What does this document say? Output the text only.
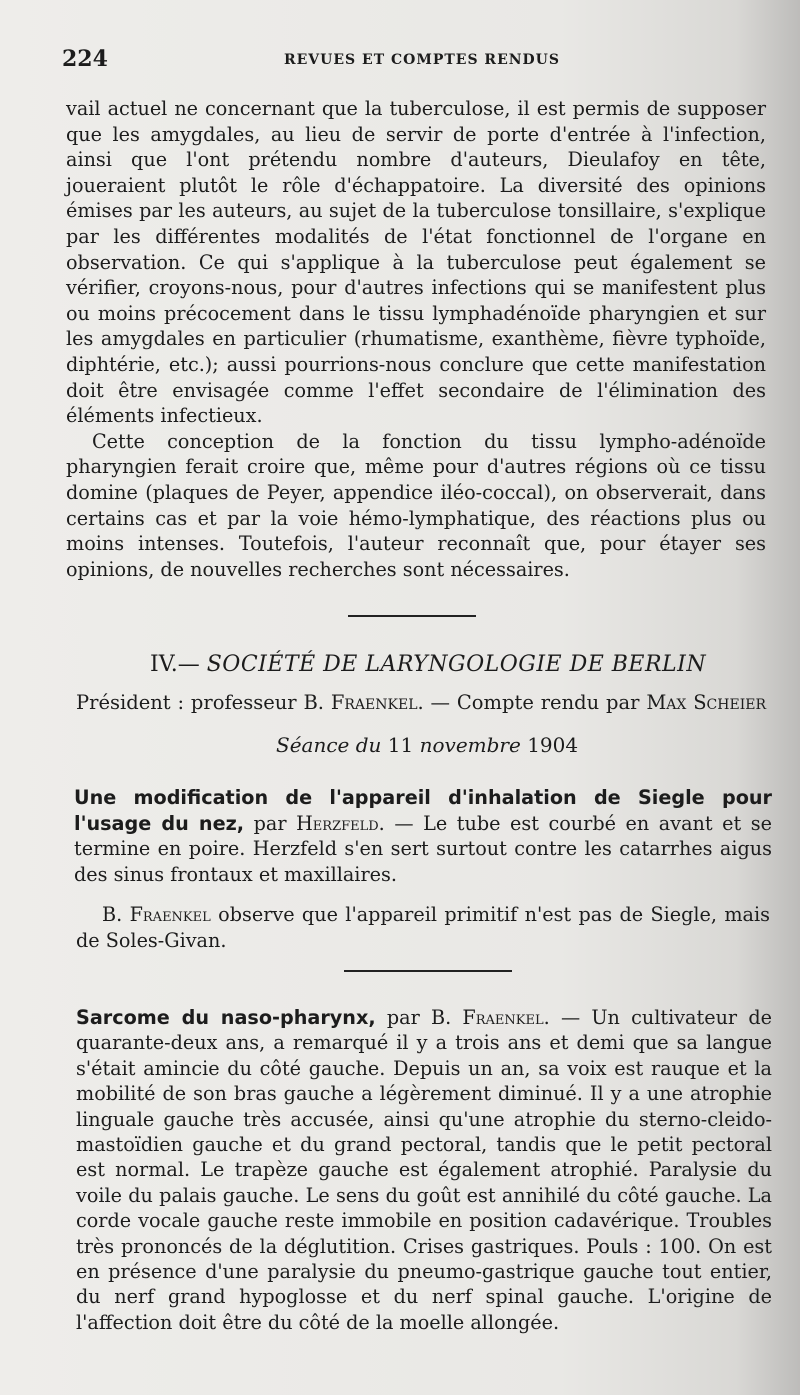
224	REVUES ET COMPTES RENDUS

vail actuel ne concernant que la tuberculose, il est permis de supposer que les amygdales, au lieu de servir de porte d'entrée à l'infection, ainsi que l'ont prétendu nombre d'auteurs, Dieulafoy en tête, joueraient plutôt le rôle d'échappatoire. La diversité des opinions émises par les auteurs, au sujet de la tuberculose tonsillaire, s'explique par les différentes modalités de l'état fonctionnel de l'organe en observation. Ce qui s'applique à la tuberculose peut également se vérifier, croyons-nous, pour d'autres infections qui se manifestent plus ou moins précocement dans le tissu lymphadénoïde pharyngien et sur les amygdales en particulier (rhumatisme, exanthème, fièvre typhoïde, diphtérie, etc.); aussi pourrions-nous conclure que cette manifestation doit être envisagée comme l'effet secondaire de l'élimination des éléments infectieux.

Cette conception de la fonction du tissu lympho-adénoïde pharyngien ferait croire que, même pour d'autres régions où ce tissu domine (plaques de Peyer, appendice iléo-coccal), on observerait, dans certains cas et par la voie hémo-lymphatique, des réactions plus ou moins intenses. Toutefois, l'auteur reconnaît que, pour étayer ses opinions, de nouvelles recherches sont nécessaires.

IV.— SOCIÉTÉ DE LARYNGOLOGIE DE BERLIN
Président : professeur B. Fraenkel. — Compte rendu par Max Scheier
Séance du 11 novembre 1904

Une modification de l'appareil d'inhalation de Siegle pour l'usage du nez, par Herzfeld. — Le tube est courbé en avant et se termine en poire. Herzfeld s'en sert surtout contre les catarrhes aigus des sinus frontaux et maxillaires.

B. Fraenkel observe que l'appareil primitif n'est pas de Siegle, mais de Soles-Givan.

Sarcome du naso-pharynx, par B. Fraenkel. — Un cultivateur de quarante-deux ans, a remarqué il y a trois ans et demi que sa langue s'était amincie du côté gauche. Depuis un an, sa voix est rauque et la mobilité de son bras gauche a légèrement diminué. Il y a une atrophie linguale gauche très accusée, ainsi qu'une atrophie du sterno-cleido-mastoïdien gauche et du grand pectoral, tandis que le petit pectoral est normal. Le trapèze gauche est également atrophié. Paralysie du voile du palais gauche. Le sens du goût est annihilé du côté gauche. La corde vocale gauche reste immobile en position cadavérique. Troubles très prononcés de la déglutition. Crises gastriques. Pouls : 100. On est en présence d'une paralysie du pneumo-gastrique gauche tout entier, du nerf grand hypoglosse et du nerf spinal gauche. L'origine de l'affection doit être du côté de la moelle allongée.
